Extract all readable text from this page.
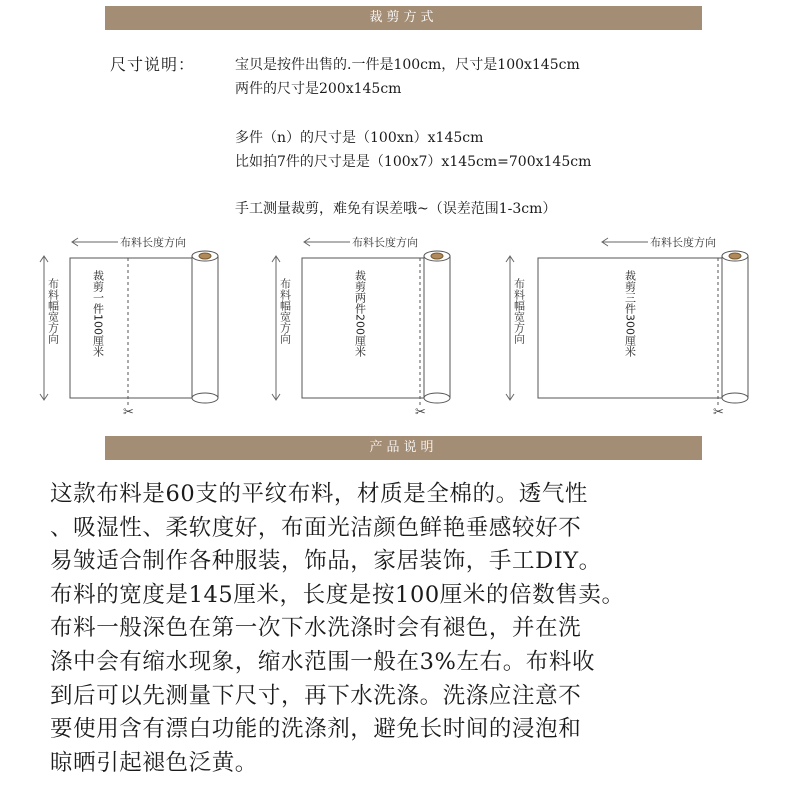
裁剪方式
尺寸说明：	宝贝是按件出售的.一件是100cm，尺寸是100x145cm
两件的尺寸是200x145cm
多件（n）的尺寸是（100xn）x145cm
比如拍7件的尺寸是是（100x7）x145cm=700x145cm
手工测量裁剪，难免有误差哦~（误差范围1-3cm）
布料长度方向
布料幅宽方向	裁剪一件100厘米
✂
布料长度方向
布料幅宽方向	裁剪两件200厘米
✂
布料长度方向
布料幅宽方向	裁剪三件300厘米
✂
产品说明
这款布料是60支的平纹布料，材质是全棉的。透气性
、吸湿性、柔软度好，布面光洁颜色鲜艳垂感较好不
易皱适合制作各种服装，饰品，家居装饰，手工DIY。
布料的宽度是145厘米，长度是按100厘米的倍数售卖。
布料一般深色在第一次下水洗涤时会有褪色，并在洗
涤中会有缩水现象，缩水范围一般在3%左右。布料收
到后可以先测量下尺寸，再下水洗涤。洗涤应注意不
要使用含有漂白功能的洗涤剂，避免长时间的浸泡和
晾晒引起褪色泛黄。
